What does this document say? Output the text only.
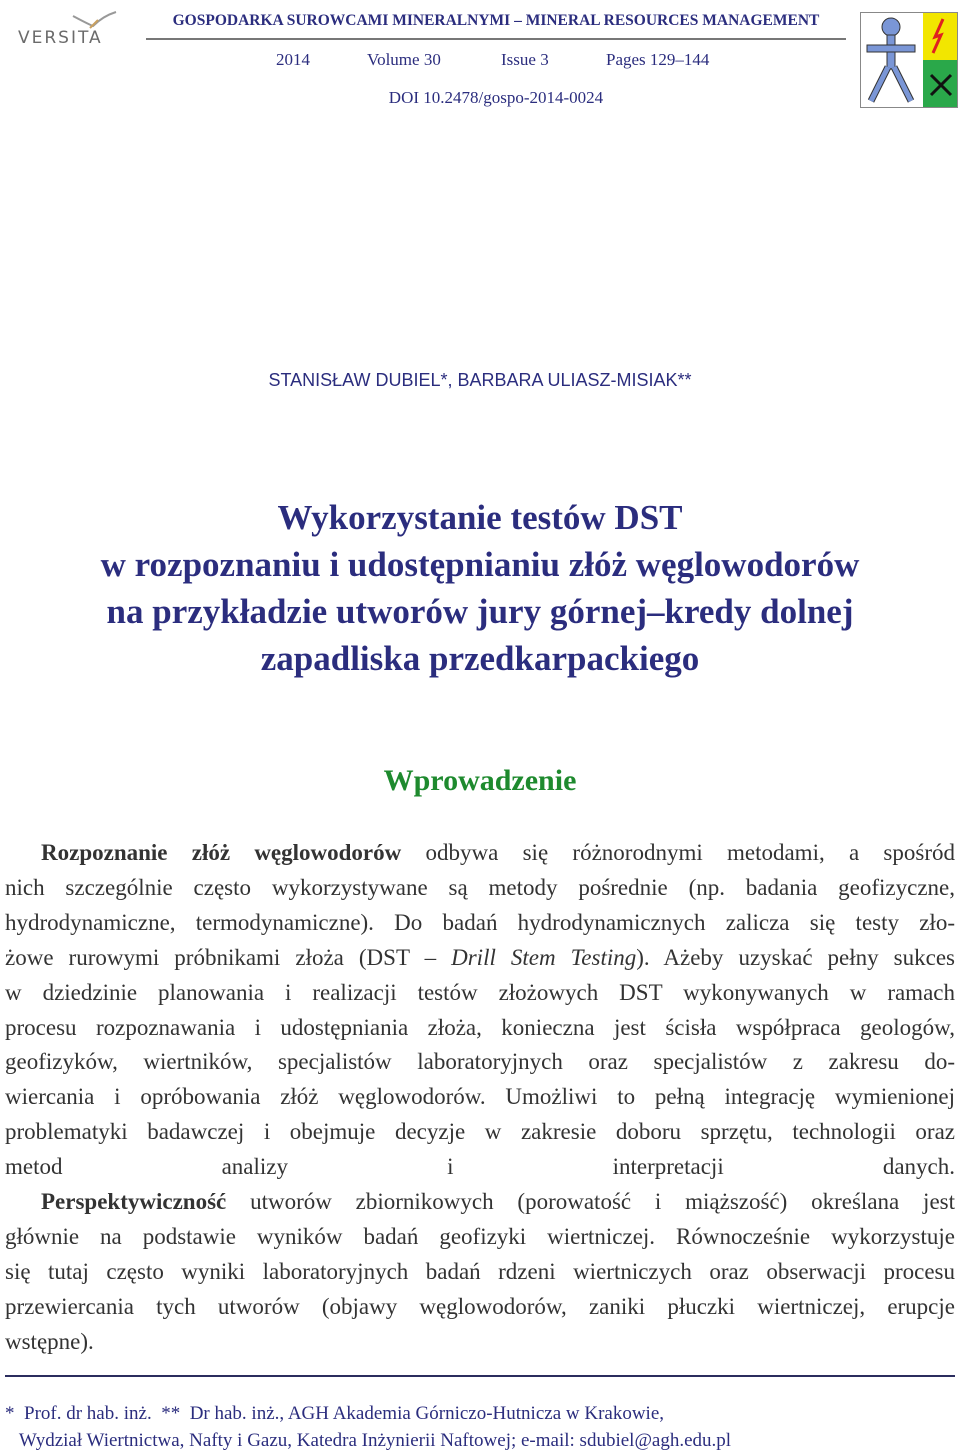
VERSITA
GOSPODARKA SUROWCAMI MINERALNYMI – MINERAL RESOURCES MANAGEMENT
2014	Volume 30	Issue 3	Pages 129–144
DOI 10.2478/gospo-2014-0024
STANISŁAW DUBIEL*, BARBARA ULIASZ-MISIAK**
Wykorzystanie testów DST
w rozpoznaniu i udostępnianiu złóż węglowodorów
na przykładzie utworów jury górnej–kredy dolnej
zapadliska przedkarpackiego
Wprowadzenie
Rozpoznanie złóż węglowodorów odbywa się różnorodnymi metodami, a spośród
nich szczególnie często wykorzystywane są metody pośrednie (np. badania geofizyczne,
hydrodynamiczne, termodynamiczne). Do badań hydrodynamicznych zalicza się testy zło-
żowe rurowymi próbnikami złoża (DST – Drill Stem Testing). Ażeby uzyskać pełny sukces
w dziedzinie planowania i realizacji testów złożowych DST wykonywanych w ramach
procesu rozpoznawania i udostępniania złoża, konieczna jest ścisła współpraca geologów,
geofizyków, wiertników, specjalistów laboratoryjnych oraz specjalistów z zakresu do-
wiercania i opróbowania złóż węglowodorów. Umożliwi to pełną integrację wymienionej
problematyki badawczej i obejmuje decyzje w zakresie doboru sprzętu, technologii oraz
metod analizy i interpretacji danych.
Perspektywiczność utworów zbiornikowych (porowatość i miąższość) określana jest
głównie na podstawie wyników badań geofizyki wiertniczej. Równocześnie wykorzystuje
się tutaj często wyniki laboratoryjnych badań rdzeni wiertniczych oraz obserwacji procesu
przewiercania tych utworów (objawy węglowodorów, zaniki płuczki wiertniczej, erupcje
wstępne).
*  Prof. dr hab. inż.  **  Dr hab. inż., AGH Akademia Górniczo-Hutnicza w Krakowie,
Wydział Wiertnictwa, Nafty i Gazu, Katedra Inżynierii Naftowej; e-mail: sdubiel@agh.edu.pl
